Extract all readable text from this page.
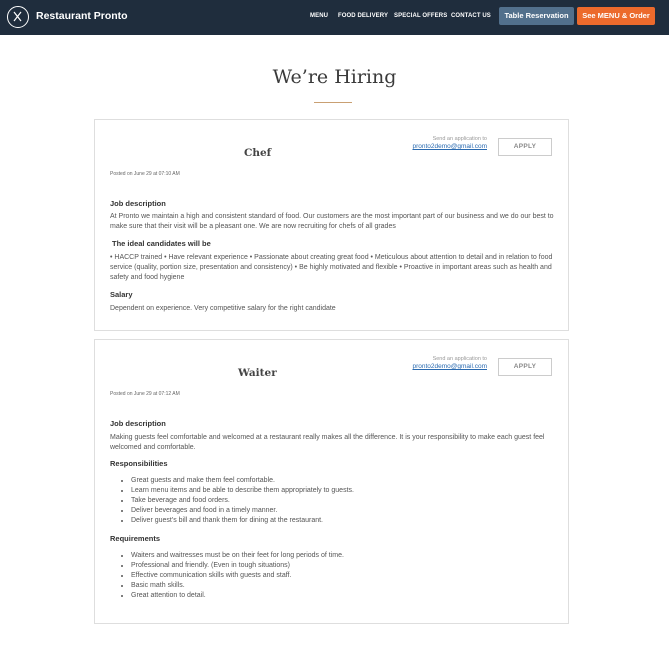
Restaurant Pronto	MENU FOOD DELIVERY SPECIAL OFFERS CONTACT US	Table Reservation	See MENU & Order
We’re Hiring
Chef
Send an application to
pronto2demo@gmail.com	APPLY
Posted on June 29 at 07:10 AM
Job description
At Pronto we maintain a high and consistent standard of food. Our customers are the most important part of our business and we do our best to make sure that their visit will be a pleasant one. We are now recruiting for chefs of all grades
The ideal candidates will be
• HACCP trained • Have relevant experience • Passionate about creating great food • Meticulous about attention to detail and in relation to food service (quality, portion size, presentation and consistency) • Be highly motivated and flexible • Proactive in important areas such as health and safety and food hygiene
Salary
Dependent on experience. Very competitive salary for the right candidate
Waiter
Send an application to
pronto2demo@gmail.com	APPLY
Posted on June 29 at 07:12 AM
Job description
Making guests feel comfortable and welcomed at a restaurant really makes all the difference. It is your responsibility to make each guest feel welcomed and comfortable.
Responsibilities
• Great guests and make them feel comfortable.
• Learn menu items and be able to describe them appropriately to guests.
• Take beverage and food orders.
• Deliver beverages and food in a timely manner.
• Deliver guest's bill and thank them for dining at the restaurant.
Requirements
• Waiters and waitresses must be on their feet for long periods of time.
• Professional and friendly. (Even in tough situations)
• Effective communication skills with guests and staff.
• Basic math skills.
• Great attention to detail.
